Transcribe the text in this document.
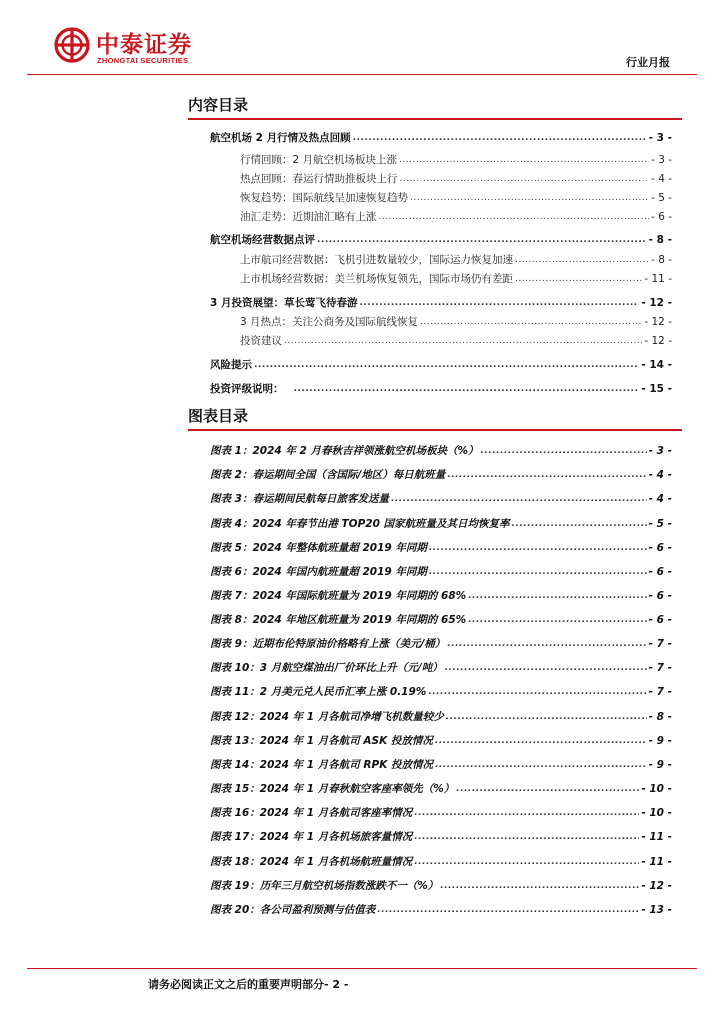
中泰证券
ZHONGTAI SECURITIES	行业月报
内容目录
航空机场 2 月行情及热点回顾 .....	- 3 -
行情回顾：2 月航空机场板块上涨 .....	- 3 -
热点回顾：春运行情助推板块上行 .....	- 4 -
恢复趋势：国际航线呈加速恢复趋势 .....	- 5 -
油汇走势：近期油汇略有上涨 .....	- 6 -
航空机场经营数据点评 .....	- 8 -
上市航司经营数据：飞机引进数量较少，国际运力恢复加速 .....	- 8 -
上市机场经营数据：美兰机场恢复领先，国际市场仍有差距 .....	- 11 -
3 月投资展望：草长莺飞待春游 .....	- 12 -
3 月热点：关注公商务及国际航线恢复 .....	- 12 -
投资建议 .....	- 12 -
风险提示 .....	- 14 -
投资评级说明： .....	- 15 -
图表目录
图表 1：2024 年 2 月春秋吉祥领涨航空机场板块（%） .....	- 3 -
图表 2：春运期间全国（含国际/地区）每日航班量 .....	- 4 -
图表 3：春运期间民航每日旅客发送量 .....	- 4 -
图表 4：2024 年春节出港 TOP20 国家航班量及其日均恢复率 .....	- 5 -
图表 5：2024 年整体航班量超 2019 年同期 .....	- 6 -
图表 6：2024 年国内航班量超 2019 年同期 .....	- 6 -
图表 7：2024 年国际航班量为 2019 年同期的 68% .....	- 6 -
图表 8：2024 年地区航班量为 2019 年同期的 65% .....	- 6 -
图表 9：近期布伦特原油价格略有上涨（美元/桶） .....	- 7 -
图表 10：3 月航空煤油出厂价环比上升（元/吨） .....	- 7 -
图表 11：2 月美元兑人民币汇率上涨 0.19% .....	- 7 -
图表 12：2024 年 1 月各航司净增飞机数量较少 .....	- 8 -
图表 13：2024 年 1 月各航司 ASK 投放情况 .....	- 9 -
图表 14：2024 年 1 月各航司 RPK 投放情况 .....	- 9 -
图表 15：2024 年 1 月春秋航空客座率领先（%） .....	- 10 -
图表 16：2024 年 1 月各航司客座率情况 .....	- 10 -
图表 17：2024 年 1 月各机场旅客量情况 .....	- 11 -
图表 18：2024 年 1 月各机场航班量情况 .....	- 11 -
图表 19：历年三月航空机场指数涨跌不一（%） .....	- 12 -
图表 20：各公司盈利预测与估值表 .....	- 13 -
请务必阅读正文之后的重要声明部分- 2 -
